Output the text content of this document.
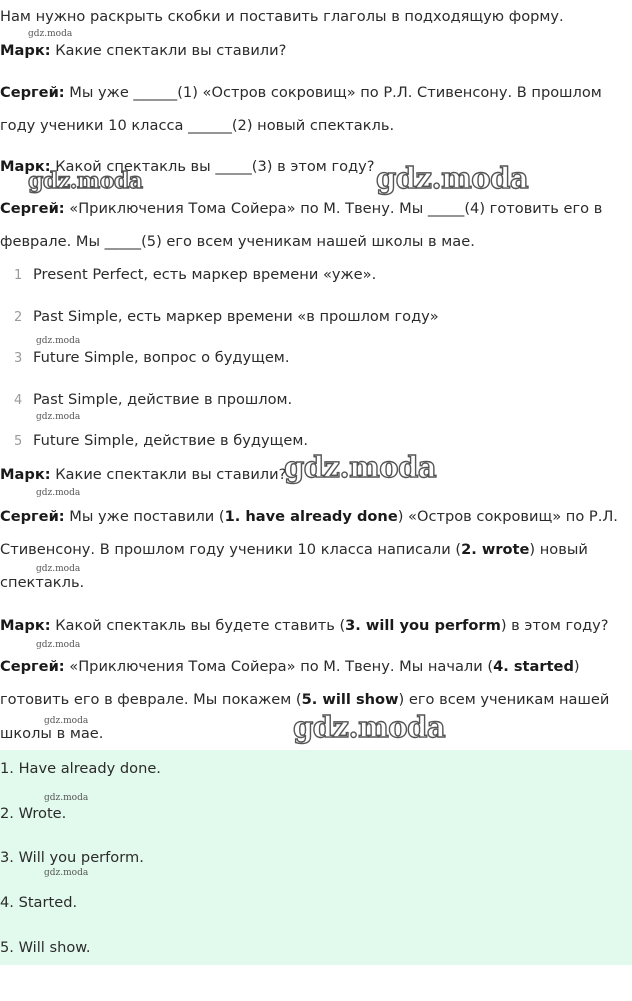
Нам нужно раскрыть скобки и поставить глаголы в подходящую форму.
Марк: Какие спектакли вы ставили?
Сергей: Мы уже ______(1) «Остров сокровищ» по Р.Л. Стивенсону. В прошлом
году ученики 10 класса ______(2) новый спектакль.
Марк: Какой спектакль вы _____(3) в этом году?
Сергей: «Приключения Тома Сойера» по М. Твену. Мы _____(4) готовить его в
феврале. Мы _____(5) его всем ученикам нашей школы в мае.
1 Present Perfect, есть маркер времени «уже».
2 Past Simple, есть маркер времени «в прошлом году»
3 Future Simple, вопрос о будущем.
4 Past Simple, действие в прошлом.
5 Future Simple, действие в будущем.
Марк: Какие спектакли вы ставили?
Сергей: Мы уже поставили (1. have already done) «Остров сокровищ» по Р.Л.
Стивенсону. В прошлом году ученики 10 класса написали (2. wrote) новый
спектакль.
Марк: Какой спектакль вы будете ставить (3. will you perform) в этом году?
Сергей: «Приключения Тома Сойера» по М. Твену. Мы начали (4. started)
готовить его в феврале. Мы покажем (5. will show) его всем ученикам нашей
школы в мае.
1. Have already done.
2. Wrote.
3. Will you perform.
4. Started.
5. Will show.
gdz.moda	gdz.moda
gdz.moda
gdz.moda
gdz.moda
gdz.moda
gdz.moda
gdz.moda
gdz.moda
gdz.moda
gdz.moda
gdz.moda
gdz.moda
